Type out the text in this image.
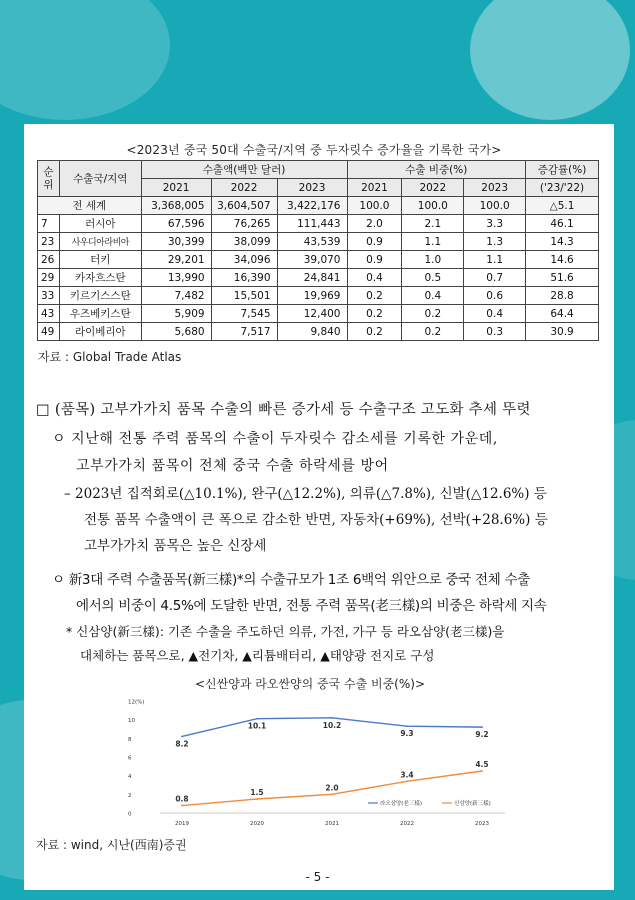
<2023년 중국 50대 수출국/지역 중 두자릿수 증가율을 기록한 국가>
순위	수출국/지역	수출액(백만 달러)			수출 비중(%)			증감률(%)
		2021	2022	2023	2021	2022	2023	('23/'22)
전 세계		3,368,005	3,604,507	3,422,176	100.0	100.0	100.0	△5.1
7	러시아	67,596	76,265	111,443	2.0	2.1	3.3	46.1
23	사우디아라비아	30,399	38,099	43,539	0.9	1.1	1.3	14.3
26	터키	29,201	34,096	39,070	0.9	1.0	1.1	14.6
29	카자흐스탄	13,990	16,390	24,841	0.4	0.5	0.7	51.6
33	키르기스스탄	7,482	15,501	19,969	0.2	0.4	0.6	28.8
43	우즈베키스탄	5,909	7,545	12,400	0.2	0.2	0.4	64.4
49	라이베리아	5,680	7,517	9,840	0.2	0.2	0.3	30.9
자료 : Global Trade Atlas
□ (품목) 고부가가치 품목 수출의 빠른 증가세 등 수출구조 고도화 추세 뚜렷
ㅇ 지난해 전통 주력 품목의 수출이 두자릿수 감소세를 기록한 가운데,
고부가가치 품목이 전체 중국 수출 하락세를 방어
– 2023년 집적회로(△10.1%), 완구(△12.2%), 의류(△7.8%), 신발(△12.6%) 등
전통 품목 수출액이 큰 폭으로 감소한 반면, 자동차(+69%), 선박(+28.6%) 등
고부가가치 품목은 높은 신장세
ㅇ 新3대 주력 수출품목(新三樣)*의 수출규모가 1조 6백억 위안으로 중국 전체 수출
에서의 비중이 4.5%에 도달한 반면, 전통 주력 품목(老三樣)의 비중은 하락세 지속
* 신삼양(新三樣): 기존 수출을 주도하던 의류, 가전, 가구 등 라오삼양(老三樣)을
대체하는 품목으로, ▲전기차, ▲리튬배터리, ▲태양광 전지로 구성
<신싼양과 라오싼양의 중국 수출 비중(%)>
0
2
4
6
8
10
12(%)
2019	2020	2021	2022	2023
8.2
10.1	10.2
9.3	9.2
0.8
1.5
2.0
3.4
4.5
라오삼양(老三樣)	신삼양(新三樣)
자료 : wind, 시난(西南)증권
- 5 -
